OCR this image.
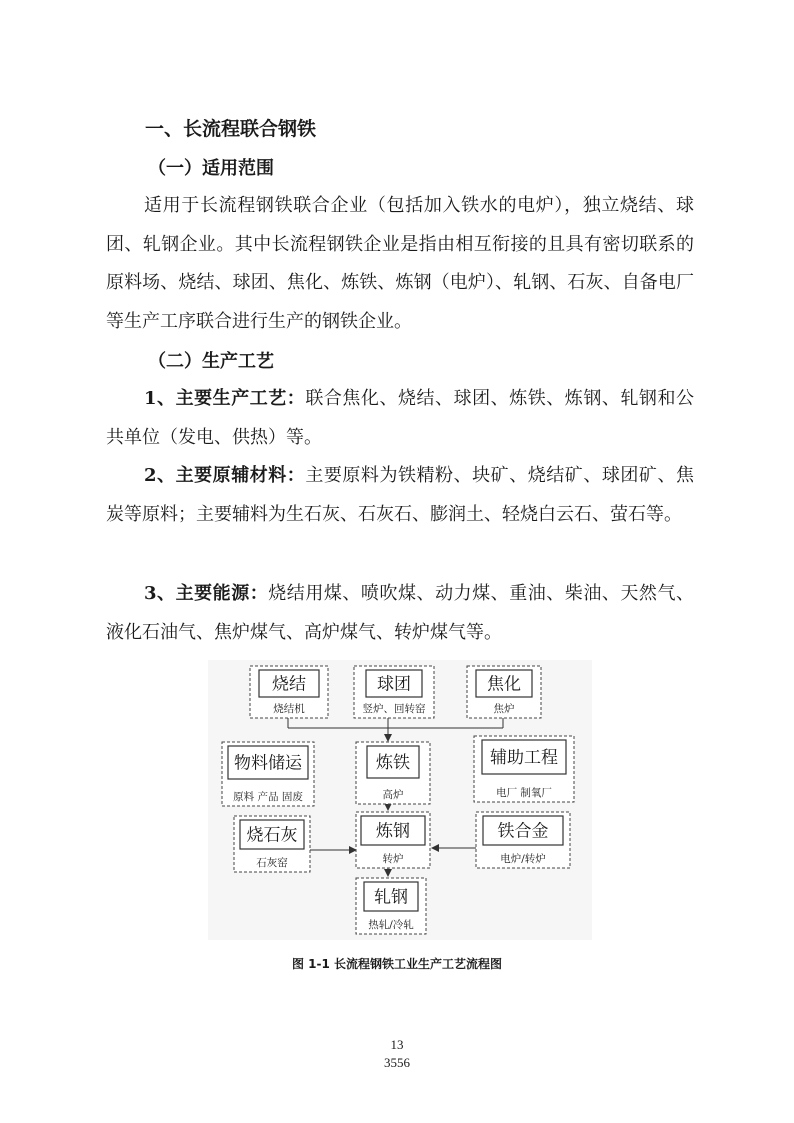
一、长流程联合钢铁
（一）适用范围

适用于长流程钢铁联合企业（包括加入铁水的电炉），独立烧结、球团、轧钢企业。其中长流程钢铁企业是指由相互衔接的且具有密切联系的原料场、烧结、球团、焦化、炼铁、炼钢（电炉）、轧钢、石灰、自备电厂等生产工序联合进行生产的钢铁企业。

（二）生产工艺

1、主要生产工艺：联合焦化、烧结、球团、炼铁、炼钢、轧钢和公共单位（发电、供热）等。

2、主要原辅材料：主要原料为铁精粉、块矿、烧结矿、球团矿、焦炭等原料；主要辅料为生石灰、石灰石、膨润土、轻烧白云石、萤石等。

3、主要能源：烧结用煤、喷吹煤、动力煤、重油、柴油、天然气、液化石油气、焦炉煤气、高炉煤气、转炉煤气等。

烧结
烧结机
球团
竖炉、回转窑
焦化
焦炉
物料储运
原料 产品 固废
炼铁
高炉
辅助工程
电厂 制氧厂
烧石灰
石灰窑
炼钢
转炉
铁合金
电炉/转炉
轧钢
热轧/冷轧
图 1-1 长流程钢铁工业生产工艺流程图
13
3556
